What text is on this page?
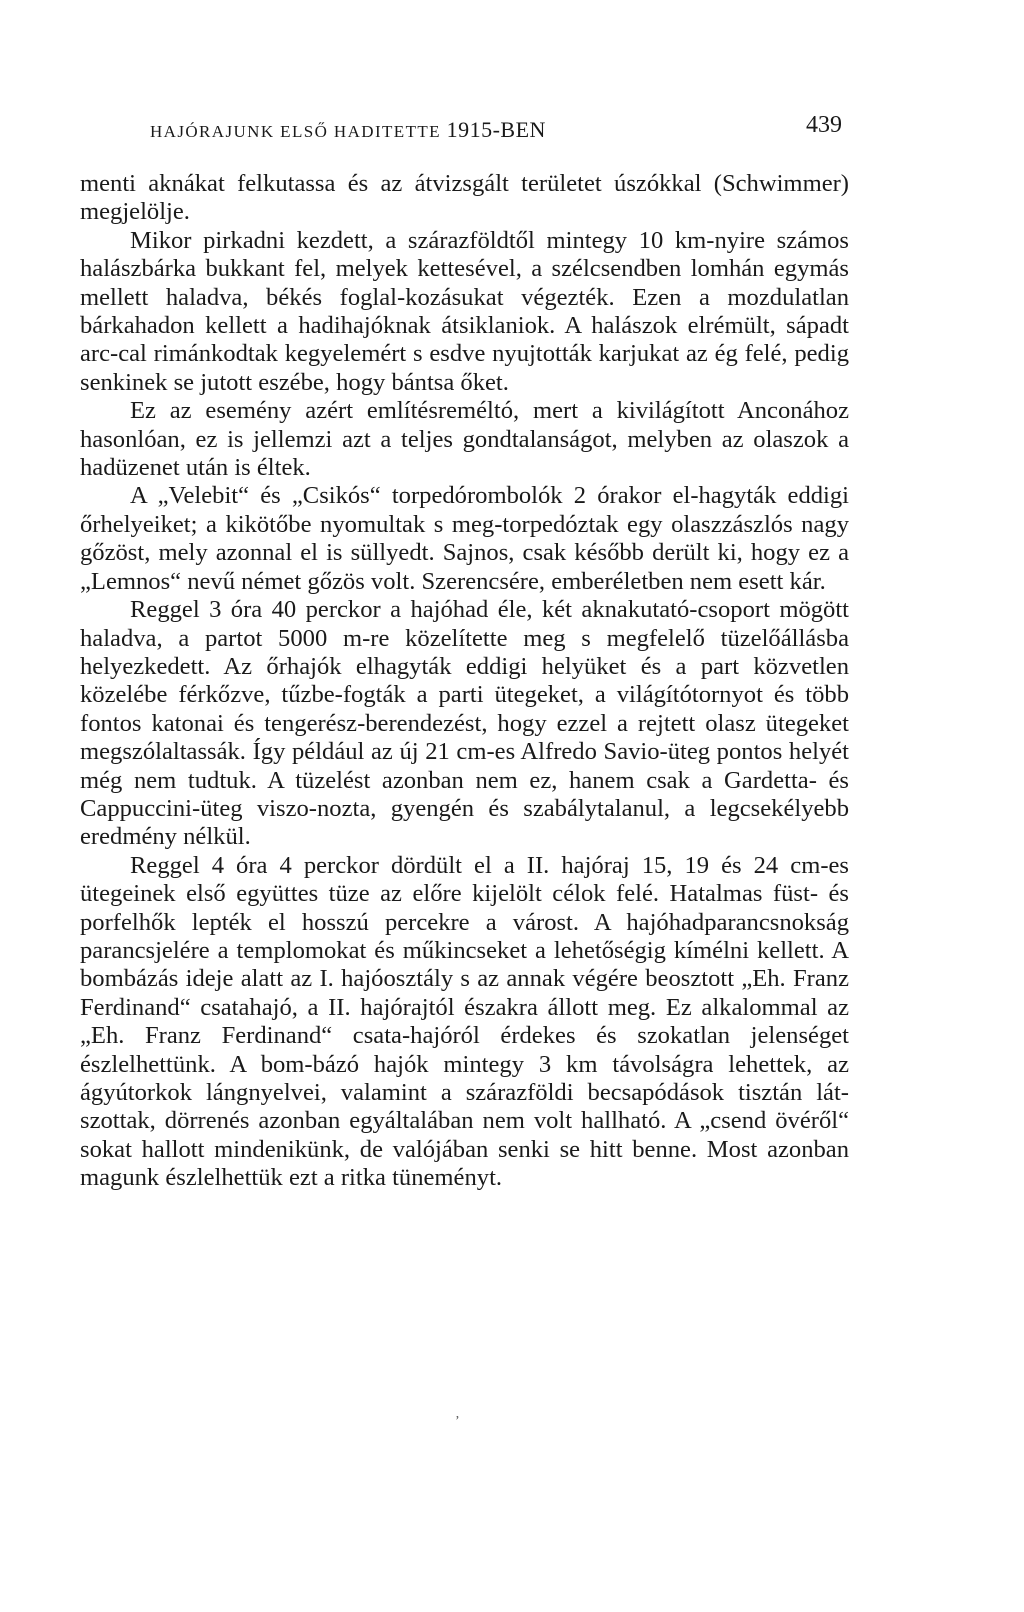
HAJÓRAJUNK ELSŐ HADITETTE 1915-BEN	439

menti aknákat felkutassa és az átvizsgált területet úszókkal (Schwimmer) megjelölje.

Mikor pirkadni kezdett, a szárazföldtől mintegy 10 km-nyire számos halászbárka bukkant fel, melyek kettesével, a szélcsendben lomhán egymás mellett haladva, békés foglal-kozásukat végezték. Ezen a mozdulatlan bárkahadon kellett a hadihajóknak átsiklaniok. A halászok elrémült, sápadt arc-cal rimánkodtak kegyelemért s esdve nyujtották karjukat az ég felé, pedig senkinek se jutott eszébe, hogy bántsa őket.

Ez az esemény azért említésreméltó, mert a kivilágított Anconához hasonlóan, ez is jellemzi azt a teljes gondtalanságot, melyben az olaszok a hadüzenet után is éltek.

A „Velebit“ és „Csikós“ torpedórombolók 2 órakor el-hagyták eddigi őrhelyeiket; a kikötőbe nyomultak s meg-torpedóztak egy olaszzászlós nagy gőzöst, mely azonnal el is süllyedt. Sajnos, csak később derült ki, hogy ez a „Lemnos“ nevű német gőzös volt. Szerencsére, emberéletben nem esett kár.

Reggel 3 óra 40 perckor a hajóhad éle, két aknakutató-csoport mögött haladva, a partot 5000 m-re közelítette meg s megfelelő tüzelőállásba helyezkedett. Az őrhajók elhagyták eddigi helyüket és a part közvetlen közelébe férkőzve, tűzbe-fogták a parti ütegeket, a világítótornyot és több fontos katonai és tengerész-berendezést, hogy ezzel a rejtett olasz ütegeket megszólaltassák. Így például az új 21 cm-es Alfredo Savio-üteg pontos helyét még nem tudtuk. A tüzelést azonban nem ez, hanem csak a Gardetta- és Cappuccini-üteg viszo-nozta, gyengén és szabálytalanul, a legcsekélyebb eredmény nélkül.

Reggel 4 óra 4 perckor dördült el a II. hajóraj 15, 19 és 24 cm-es ütegeinek első együttes tüze az előre kijelölt célok felé. Hatalmas füst- és porfelhők lepték el hosszú percekre a várost. A hajóhadparancsnokság parancsjelére a templomokat és műkincseket a lehetőségig kímélni kellett. A bombázás ideje alatt az I. hajóosztály s az annak végére beosztott „Eh. Franz Ferdinand“ csatahajó, a II. hajórajtól északra állott meg. Ez alkalommal az „Eh. Franz Ferdinand“ csata-hajóról érdekes és szokatlan jelenséget észlelhettünk. A bom-bázó hajók mintegy 3 km távolságra lehettek, az ágyútorkok lángnyelvei, valamint a szárazföldi becsapódások tisztán lát-szottak, dörrenés azonban egyáltalában nem volt hallható. A „csend övéről“ sokat hallott mindenikünk, de valójában senki se hitt benne. Most azonban magunk észlelhettük ezt a ritka tüneményt.

ʼ
